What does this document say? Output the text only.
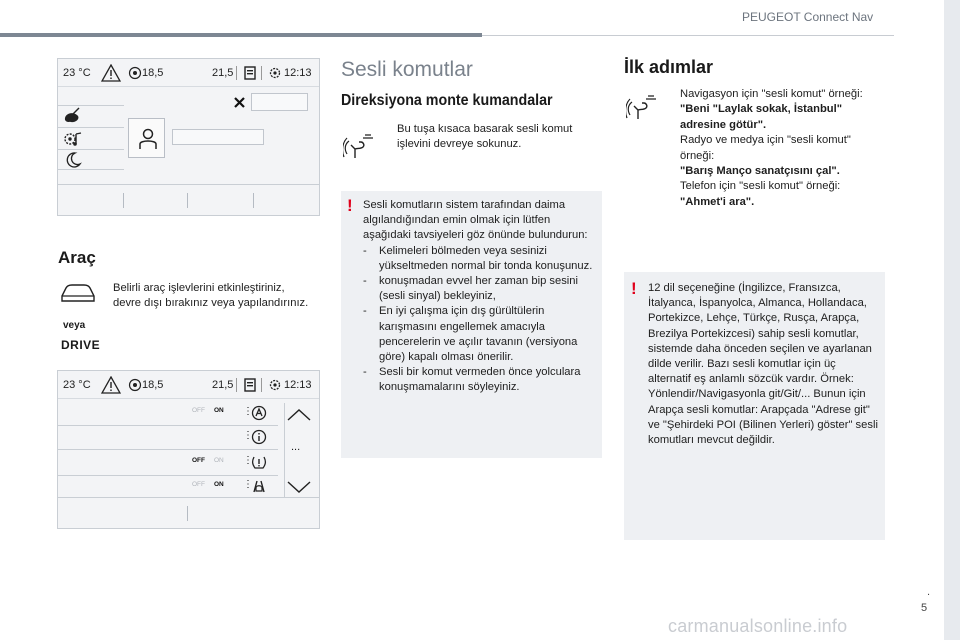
PEUGEOT Connect Nav
.
5
23 °C	18,5	21,5	12:13
23 °C	18,5	21,5	12:13
OFF ON ⋮
⋮
OFF ON ⋮
OFF ON ⋮
...
Araç
veya
DRIVE
Belirli araç işlevlerini etkinleştiriniz, devre dışı bırakınız veya yapılandırınız.
Sesli komutlar
Direksiyona monte kumandalar
Bu tuşa kısaca basarak sesli komut işlevini devreye sokunuz.
! Sesli komutların sistem tarafından daima algılandığından emin olmak için lütfen aşağıdaki tavsiyeleri göz önünde bulundurun:
-	Kelimeleri bölmeden veya sesinizi yükseltmeden normal bir tonda konuşunuz.
-	konuşmadan evvel her zaman bip sesini (sesli sinyal) bekleyiniz,
-	En iyi çalışma için dış gürültülerin karışmasını engellemek amacıyla pencerelerin ve açılır tavanın (versiyona göre) kapalı olması önerilir.
-	Sesli bir komut vermeden önce yolculara konuşmamalarını söyleyiniz.
İlk adımlar
Navigasyon için "sesli komut" örneği:
"Beni "Laylak sokak, İstanbul" adresine götür".
Radyo ve medya için "sesli komut" örneği:
"Barış Manço sanatçısını çal".
Telefon için "sesli komut" örneği:
"Ahmet'i ara".
! 12 dil seçeneğine (İngilizce, Fransızca, İtalyanca, İspanyolca, Almanca, Hollandaca, Portekizce, Lehçe, Türkçe, Rusça, Arapça, Brezilya Portekizcesi) sahip sesli komutlar, sistemde daha önceden seçilen ve ayarlanan dilde verilir. Bazı sesli komutlar için üç alternatif eş anlamlı sözcük vardır. Örnek: Yönlendir/Navigasyonla git/Git/... Bunun için Arapça sesli komutlar: Arapçada "Adrese git" ve "Şehirdeki POI (Bilinen Yerleri) göster" sesli komutları mevcut değildir.
carmanualsonline.info
